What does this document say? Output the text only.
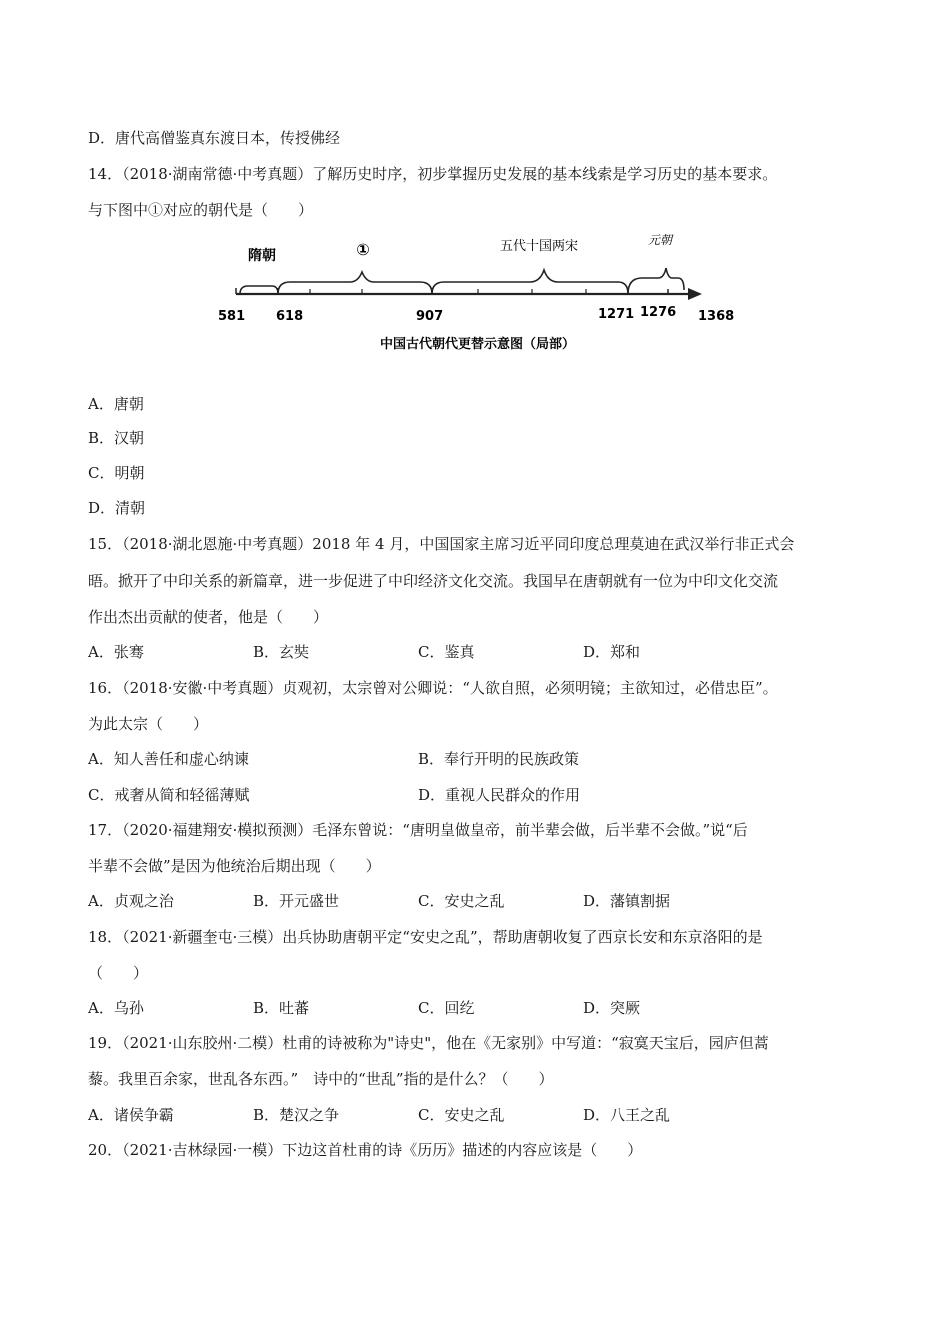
D．唐代高僧鉴真东渡日本，传授佛经
14．（2018·湖南常德·中考真题）了解历史时序，初步掌握历史发展的基本线索是学习历史的基本要求。
与下图中①对应的朝代是（　　）
隋朝	①	五代十国两宋	元朝
581 618	907	1271 1276 1368
中国古代朝代更替示意图（局部）
A．唐朝
B．汉朝
C．明朝
D．清朝
15．（2018·湖北恩施·中考真题）2018 年 4 月，中国国家主席习近平同印度总理莫迪在武汉举行非正式会
晤。掀开了中印关系的新篇章，进一步促进了中印经济文化交流。我国早在唐朝就有一位为中印文化交流
作出杰出贡献的使者，他是（　　）
A．张骞	B．玄奘	C．鉴真	D．郑和
16．（2018·安徽·中考真题）贞观初，太宗曾对公卿说：“人欲自照，必须明镜；主欲知过，必借忠臣”。
为此太宗（　　）
A．知人善任和虚心纳谏	B．奉行开明的民族政策
C．戒奢从简和轻徭薄赋	D．重视人民群众的作用
17．（2020·福建翔安·模拟预测）毛泽东曾说：“唐明皇做皇帝，前半辈会做，后半辈不会做。”说“后
半辈不会做”是因为他统治后期出现（　　）
A．贞观之治	B．开元盛世	C．安史之乱	D．藩镇割据
18．（2021·新疆奎屯·三模）出兵协助唐朝平定“安史之乱”，帮助唐朝收复了西京长安和东京洛阳的是
（　　）
A．乌孙	B．吐蕃	C．回纥	D．突厥
19．（2021·山东胶州·二模）杜甫的诗被称为"诗史"，他在《无家别》中写道：“寂寞天宝后，园庐但蒿
藜。我里百余家，世乱各东西。”　诗中的“世乱”指的是什么？（　　）
A．诸侯争霸	B．楚汉之争	C．安史之乱	D．八王之乱
20．（2021·吉林绿园·一模）下边这首杜甫的诗《历历》描述的内容应该是（　　）
